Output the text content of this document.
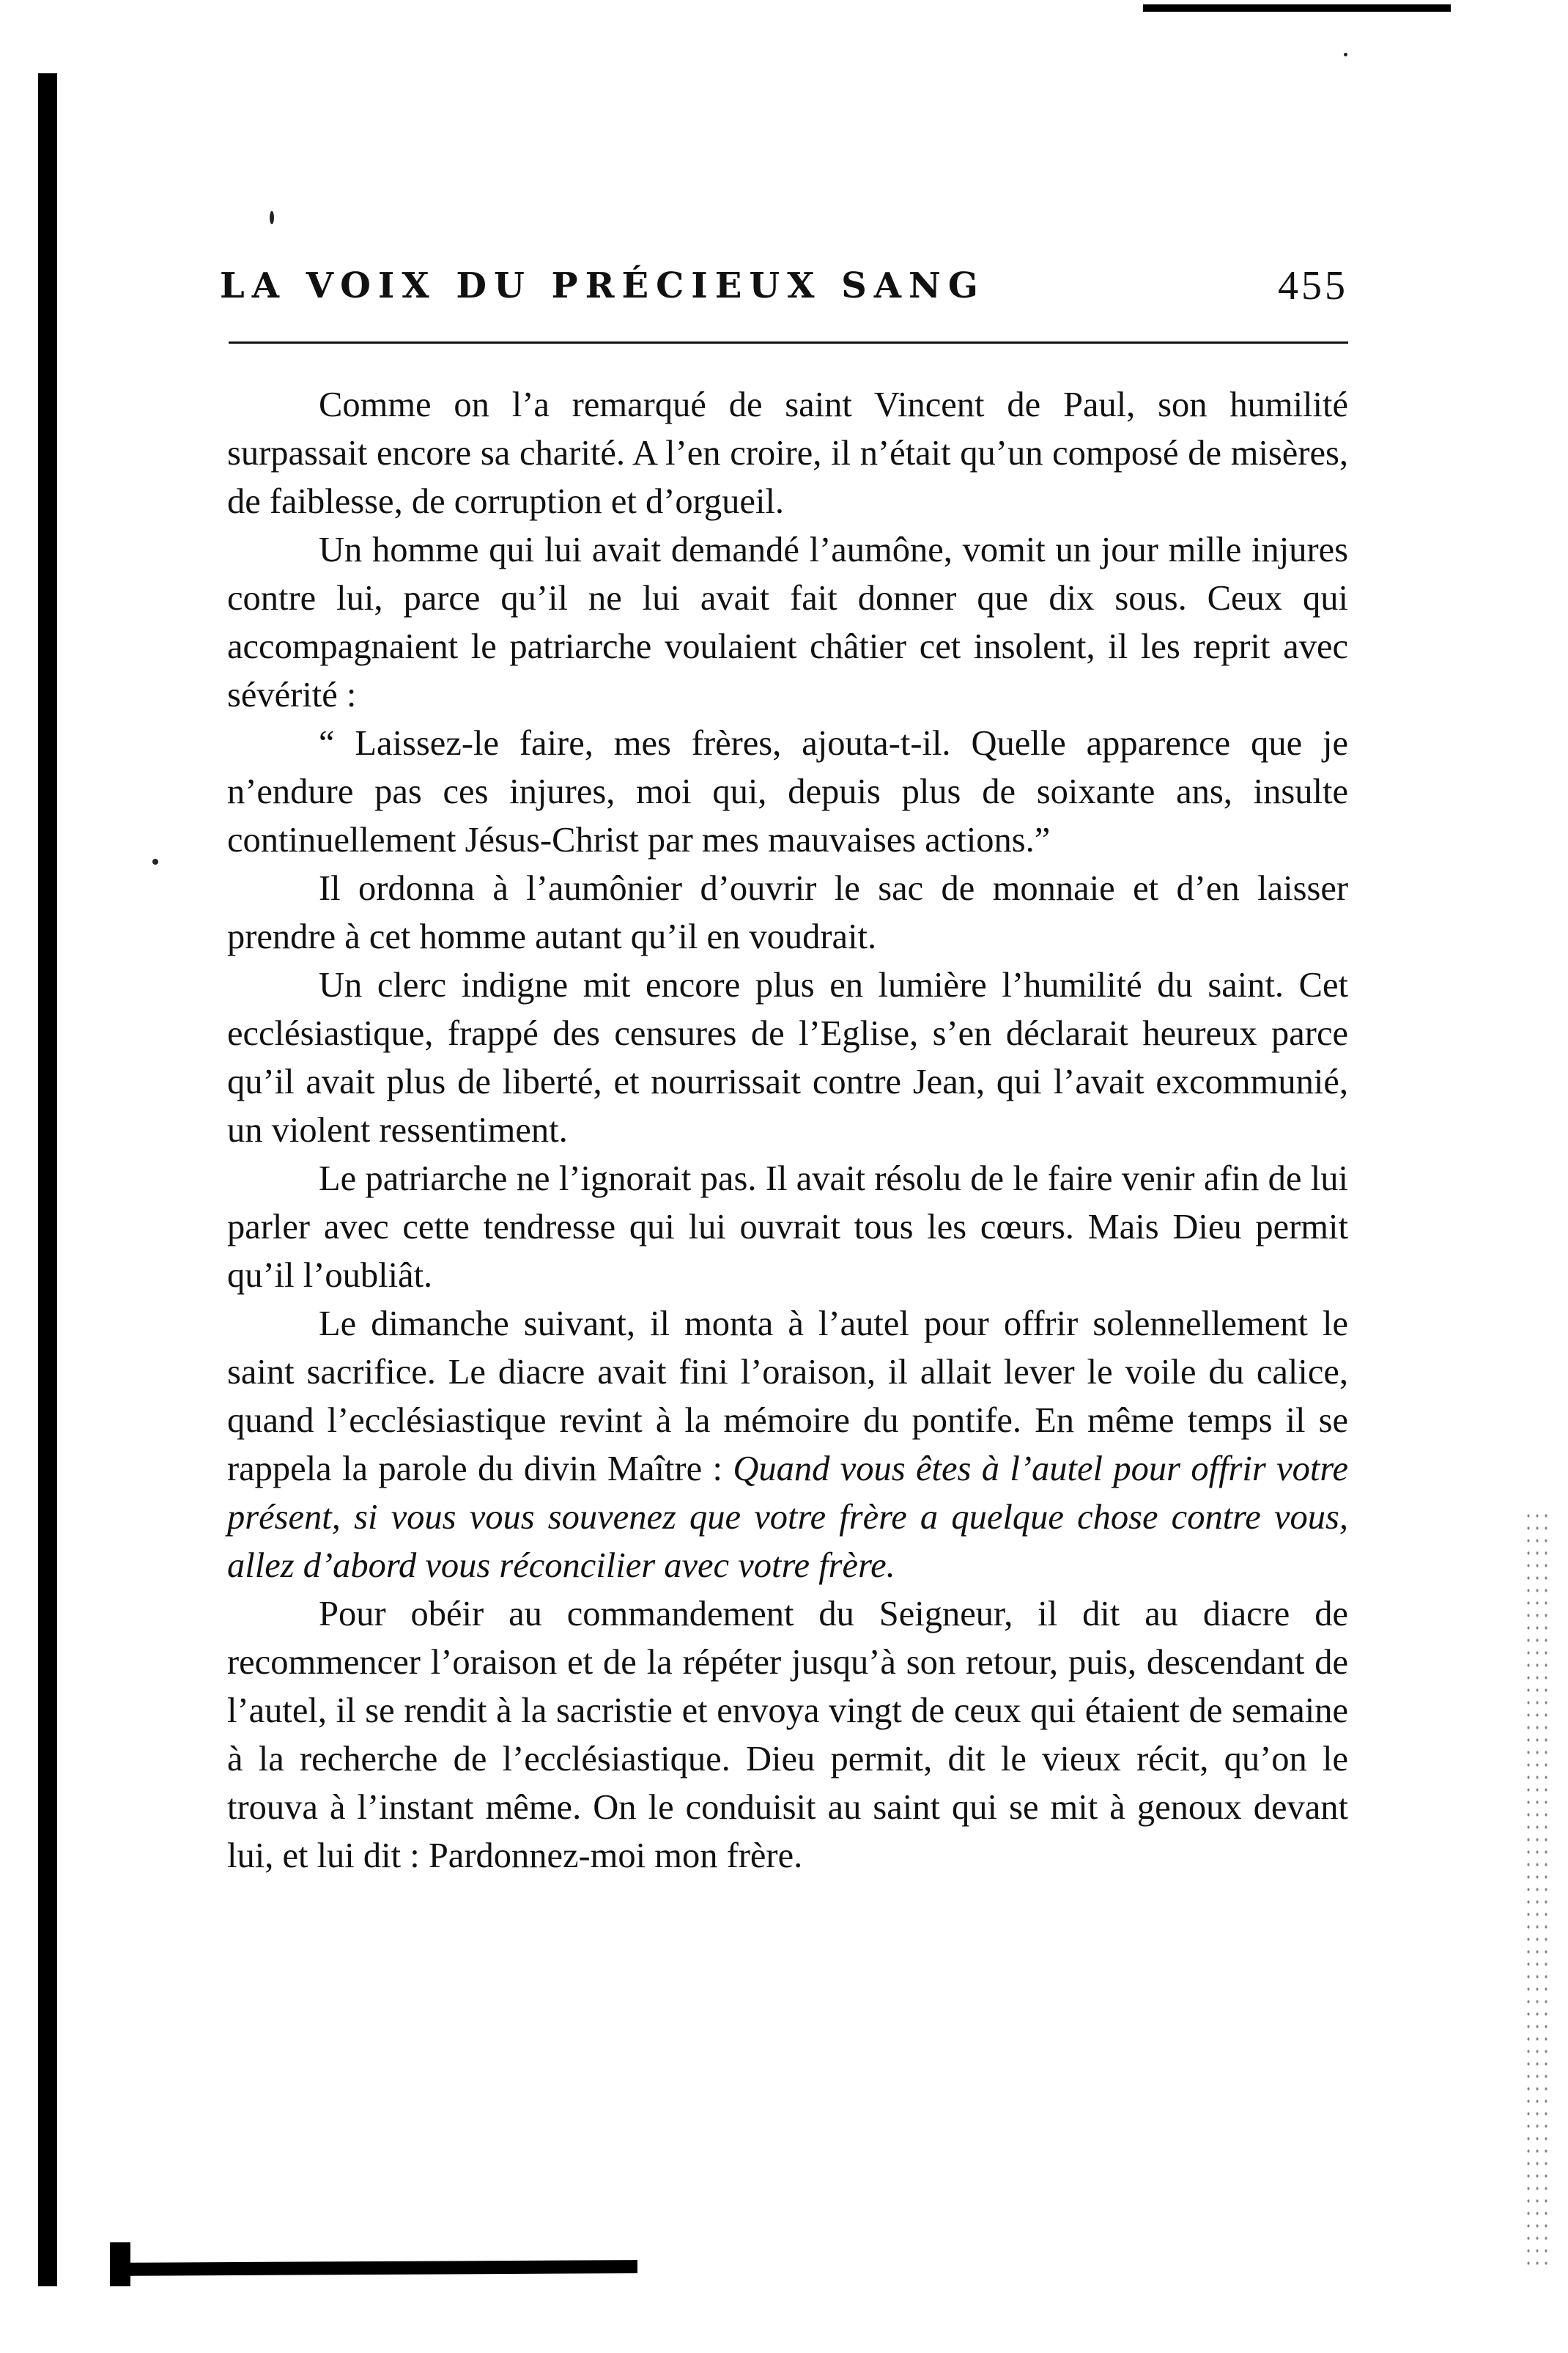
LA VOIX DU PRÉCIEUX SANG	455

Comme on l’a remarqué de saint Vincent de Paul, son humilité surpassait encore sa charité. A l’en croire, il n’était qu’un composé de misères, de faiblesse, de corruption et d’orgueil.

Un homme qui lui avait demandé l’aumône, vomit un jour mille injures contre lui, parce qu’il ne lui avait fait donner que dix sous. Ceux qui accompagnaient le patriarche voulaient châtier cet insolent, il les reprit avec sévérité :

“ Laissez-le faire, mes frères, ajouta-t-il. Quelle apparence que je n’endure pas ces injures, moi qui, depuis plus de soixante ans, insulte continuellement Jésus-Christ par mes mauvaises actions.”

Il ordonna à l’aumônier d’ouvrir le sac de monnaie et d’en laisser prendre à cet homme autant qu’il en voudrait.

Un clerc indigne mit encore plus en lumière l’humilité du saint. Cet ecclésiastique, frappé des censures de l’Eglise, s’en déclarait heureux parce qu’il avait plus de liberté, et nourrissait contre Jean, qui l’avait excommunié, un violent ressentiment.

Le patriarche ne l’ignorait pas. Il avait résolu de le faire venir afin de lui parler avec cette tendresse qui lui ouvrait tous les cœurs. Mais Dieu permit qu’il l’oubliât.

Le dimanche suivant, il monta à l’autel pour offrir solennellement le saint sacrifice. Le diacre avait fini l’oraison, il allait lever le voile du calice, quand l’ecclésiastique revint à la mémoire du pontife. En même temps il se rappela la parole du divin Maître : Quand vous êtes à l’autel pour offrir votre présent, si vous vous souvenez que votre frère a quelque chose contre vous, allez d’abord vous réconcilier avec votre frère.

Pour obéir au commandement du Seigneur, il dit au diacre de recommencer l’oraison et de la répéter jusqu’à son retour, puis, descendant de l’autel, il se rendit à la sacristie et envoya vingt de ceux qui étaient de semaine à la recherche de l’ecclésiastique. Dieu permit, dit le vieux récit, qu’on le trouva à l’instant même. On le conduisit au saint qui se mit à genoux devant lui, et lui dit : Pardonnez-moi mon frère.
